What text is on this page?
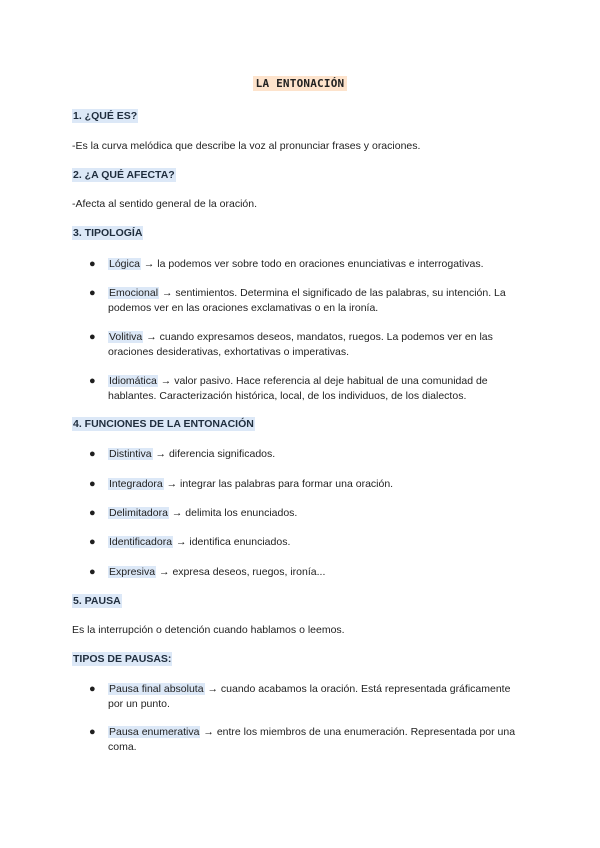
LA ENTONACIÓN
1. ¿QUÉ ES?
-Es la curva melódica que describe la voz al pronunciar frases y oraciones.
2. ¿A QUÉ AFECTA?
-Afecta al sentido general de la oración.
3. TIPOLOGÍA
● Lógica → la podemos ver sobre todo en oraciones enunciativas e interrogativas.
● Emocional → sentimientos. Determina el significado de las palabras, su intención. La podemos ver en las oraciones exclamativas o en la ironía.
● Volitiva → cuando expresamos deseos, mandatos, ruegos. La podemos ver en las oraciones desiderativas, exhortativas o imperativas.
● Idiomática → valor pasivo. Hace referencia al deje habitual de una comunidad de hablantes. Caracterización histórica, local, de los individuos, de los dialectos.
4. FUNCIONES DE LA ENTONACIÓN
● Distintiva → diferencia significados.
● Integradora → integrar las palabras para formar una oración.
● Delimitadora → delimita los enunciados.
● Identificadora → identifica enunciados.
● Expresiva → expresa deseos, ruegos, ironía...
5. PAUSA
Es la interrupción o detención cuando hablamos o leemos.
TIPOS DE PAUSAS:
● Pausa final absoluta → cuando acabamos la oración. Está representada gráficamente por un punto.
● Pausa enumerativa → entre los miembros de una enumeración. Representada por una coma.
